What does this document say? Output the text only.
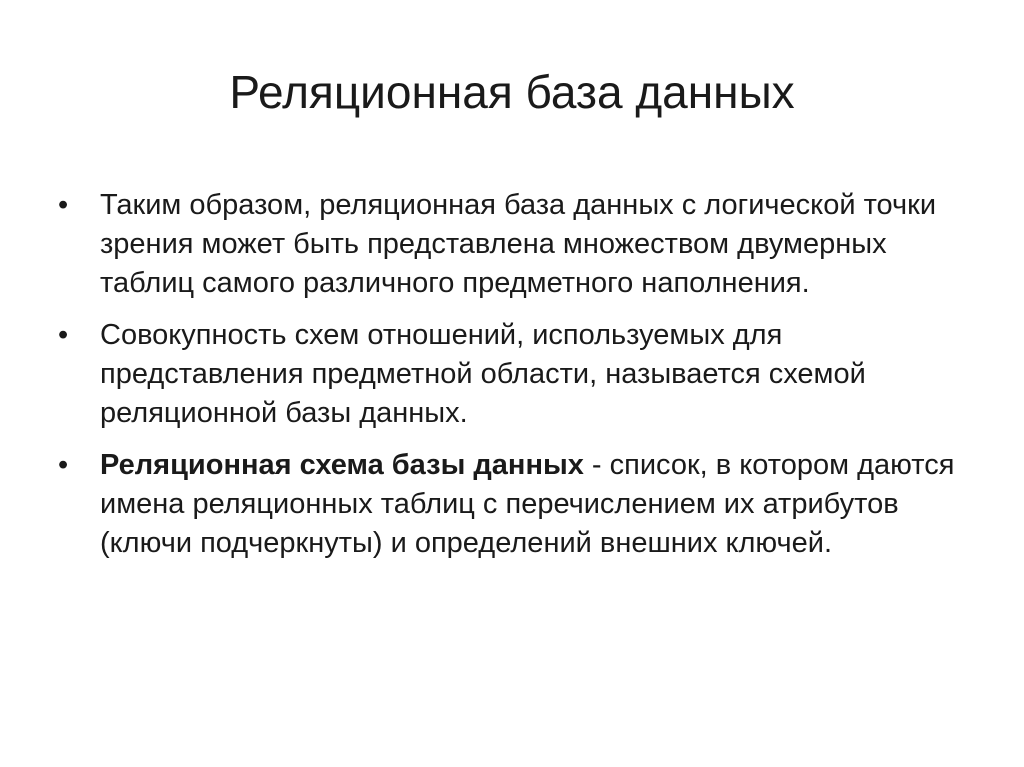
Реляционная база данных
•	Таким образом, реляционная база данных с логической точки зрения может быть представлена множеством двумерных таблиц самого различного предметного наполнения.
•	Совокупность схем отношений, используемых для представления предметной области, называется схемой реляционной базы данных.
•	Реляционная схема базы данных - список, в котором даются имена реляционных таблиц с перечислением их атрибутов (ключи подчеркнуты) и определений внешних ключей.
